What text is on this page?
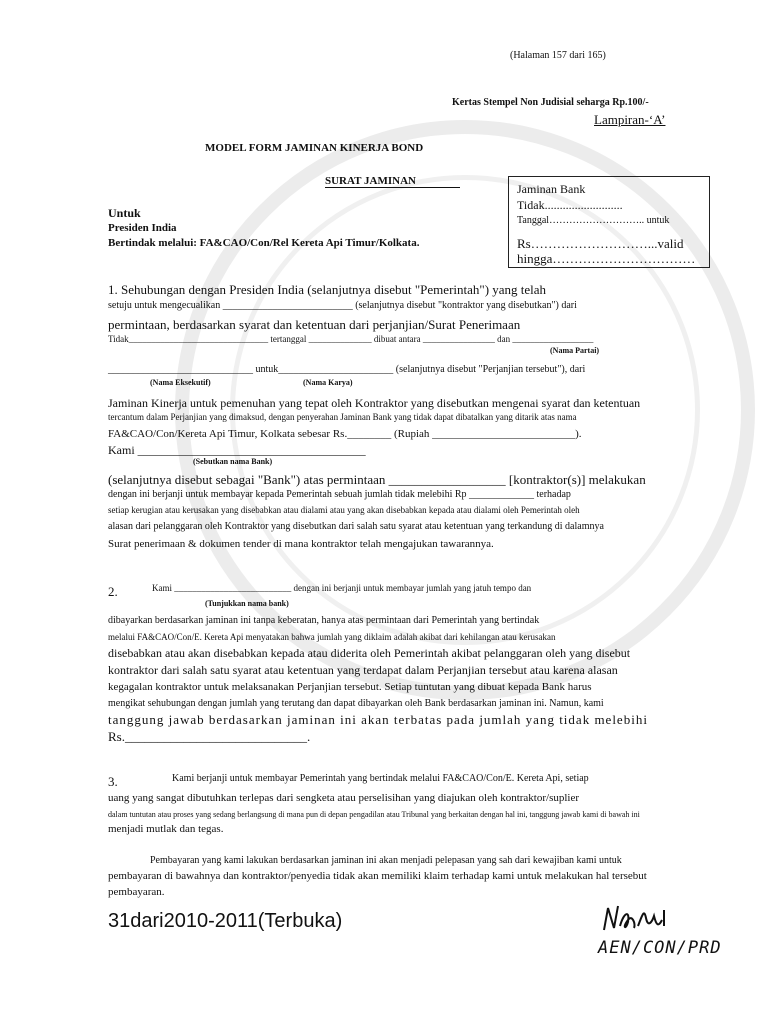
(Halaman 157 dari 165)
Kertas Stempel Non Judisial seharga Rp.100/-
Lampiran-‘A’
MODEL FORM JAMINAN KINERJA BOND
SURAT JAMINAN
Untuk
Presiden India
Bertindak melalui: FA&CAO/Con/Rel Kereta Api Timur/Kolkata.
Jaminan Bank
Tidak..........................
Tanggal……………………….. untuk
Rs………………………...valid
hingga……………………………
1. Sehubungan dengan Presiden India (selanjutnya disebut "Pemerintah") yang telah
setuju untuk mengecualikan __________________________ (selanjutnya disebut "kontraktor yang disebutkan") dari
permintaan, berdasarkan syarat dan ketentuan dari perjanjian/Surat Penerimaan
Tidak_______________________________ tertanggal ______________ dibuat antara ________________ dan __________________
(Nama Partai)
_____________________________ untuk_______________________ (selanjutnya disebut "Perjanjian tersebut"), dari
(Nama Eksekutif)	(Nama Karya)
Jaminan Kinerja untuk pemenuhan yang tepat oleh Kontraktor yang disebutkan mengenai syarat dan ketentuan
tercantum dalam Perjanjian yang dimaksud, dengan penyerahan Jaminan Bank yang tidak dapat dibatalkan yang ditarik atas nama
FA&CAO/Con/Kereta Api Timur, Kolkata sebesar Rs.________ (Rupiah __________________________).
Kami ______________________________________
(Sebutkan nama Bank)
(selanjutnya disebut sebagai "Bank") atas permintaan __________________ [kontraktor(s)] melakukan
dengan ini berjanji untuk membayar kepada Pemerintah sebuah jumlah tidak melebihi Rp _____________ terhadap
setiap kerugian atau kerusakan yang disebabkan atau dialami atau yang akan disebabkan kepada atau dialami oleh Pemerintah oleh
alasan dari pelanggaran oleh Kontraktor yang disebutkan dari salah satu syarat atau ketentuan yang terkandung di dalamnya
Surat penerimaan & dokumen tender di mana kontraktor telah mengajukan tawarannya.
2.	Kami __________________________ dengan ini berjanji untuk membayar jumlah yang jatuh tempo dan
(Tunjukkan nama bank)
dibayarkan berdasarkan jaminan ini tanpa keberatan, hanya atas permintaan dari Pemerintah yang bertindak
melalui FA&CAO/Con/E. Kereta Api menyatakan bahwa jumlah yang diklaim adalah akibat dari kehilangan atau kerusakan
disebabkan atau akan disebabkan kepada atau diderita oleh Pemerintah akibat pelanggaran oleh yang disebut
kontraktor dari salah satu syarat atau ketentuan yang terdapat dalam Perjanjian tersebut atau karena alasan
kegagalan kontraktor untuk melaksanakan Perjanjian tersebut. Setiap tuntutan yang dibuat kepada Bank harus
mengikat sehubungan dengan jumlah yang terutang dan dapat dibayarkan oleh Bank berdasarkan jaminan ini. Namun, kami
tanggung jawab berdasarkan jaminan ini akan terbatas pada jumlah yang tidak melebihi
Rs.____________________________.
3.	Kami berjanji untuk membayar Pemerintah yang bertindak melalui FA&CAO/Con/E. Kereta Api, setiap
uang yang sangat dibutuhkan terlepas dari sengketa atau perselisihan yang diajukan oleh kontraktor/suplier
dalam tuntutan atau proses yang sedang berlangsung di mana pun di depan pengadilan atau Tribunal yang berkaitan dengan hal ini, tanggung jawab kami di bawah ini
menjadi mutlak dan tegas.
Pembayaran yang kami lakukan berdasarkan jaminan ini akan menjadi pelepasan yang sah dari kewajiban kami untuk
pembayaran di bawahnya dan kontraktor/penyedia tidak akan memiliki klaim terhadap kami untuk melakukan hal tersebut
pembayaran.
31dari2010-2011(Terbuka)
AEN/CON/PRD
